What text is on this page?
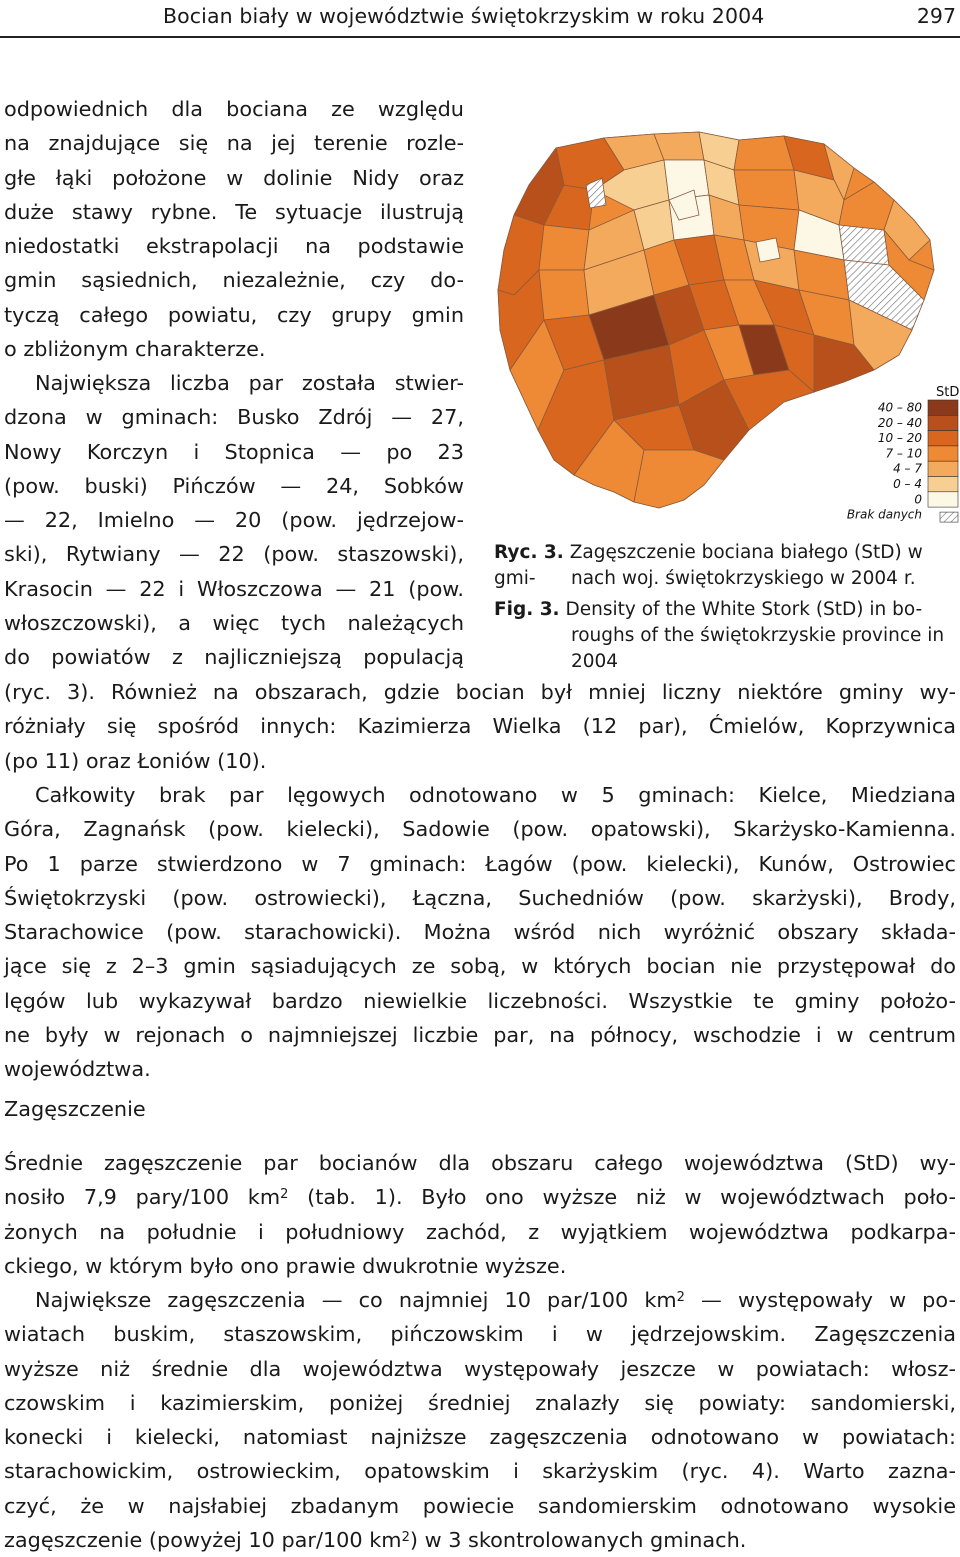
Bocian biały w województwie świętokrzyskim w roku 2004	297
odpowiednich dla bociana ze względu
na znajdujące się na jej terenie rozle-
głe łąki położone w dolinie Nidy oraz
duże stawy rybne. Te sytuacje ilustrują
niedostatki ekstrapolacji na podstawie
gmin sąsiednich, niezależnie, czy do-
tyczą całego powiatu, czy grupy gmin
o zbliżonym charakterze.
Największa liczba par została stwier-
dzona w gminach: Busko Zdrój — 27,
Nowy Korczyn i Stopnica — po 23
(pow. buski) Pińczów — 24, Sobków
— 22, Imielno — 20 (pow. jędrzejow-
ski), Rytwiany — 22 (pow. staszowski),
Krasocin — 22 i Włoszczowa — 21 (pow.
włoszczowski), a więc tych należących
do powiatów z najliczniejszą populacją
StD
40 – 80
20 – 40
10 – 20
7 – 10
4 – 7
0 – 4
0
Brak danych
Ryc. 3. Zagęszczenie bociana białego (StD) w gmi-	nach woj. świętokrzyskiego w 2004 r.
Fig. 3. Density of the White Stork (StD) in bo-
roughs of the świętokrzyskie province in 2004
(ryc. 3). Również na obszarach, gdzie bocian był mniej liczny niektóre gminy wy-
różniały się spośród innych: Kazimierza Wielka (12 par), Ćmielów, Koprzywnica
(po 11) oraz Łoniów (10).
Całkowity brak par lęgowych odnotowano w 5 gminach: Kielce, Miedziana
Góra, Zagnańsk (pow. kielecki), Sadowie (pow. opatowski), Skarżysko-Kamienna.
Po 1 parze stwierdzono w 7 gminach: Łagów (pow. kielecki), Kunów, Ostrowiec
Świętokrzyski (pow. ostrowiecki), Łączna, Suchedniów (pow. skarżyski), Brody,
Starachowice (pow. starachowicki). Można wśród nich wyróżnić obszary składa-
jące się z 2–3 gmin sąsiadujących ze sobą, w których bocian nie przystępował do
lęgów lub wykazywał bardzo niewielkie liczebności. Wszystkie te gminy położo-
ne były w rejonach o najmniejszej liczbie par, na północy, wschodzie i w centrum
województwa.
Zagęszczenie
Średnie zagęszczenie par bocianów dla obszaru całego województwa (StD) wy-
nosiło 7,9 pary/100 $km^2$ (tab. 1). Było ono wyższe niż w województwach poło-
żonych na południe i południowy zachód, z wyjątkiem województwa podkarpa-
ckiego, w którym było ono prawie dwukrotnie wyższe.
Największe zagęszczenia — co najmniej 10 par/100 $km^2$ — występowały w po-
wiatach buskim, staszowskim, pińczowskim i w jędrzejowskim. Zagęszczenia
wyższe niż średnie dla województwa występowały jeszcze w powiatach: włosz-
czowskim i kazimierskim, poniżej średniej znalazły się powiaty: sandomierski,
konecki i kielecki, natomiast najniższe zagęszczenia odnotowano w powiatach:
starachowickim, ostrowieckim, opatowskim i skarżyskim (ryc. 4). Warto zazna-
czyć, że w najsłabiej zbadanym powiecie sandomierskim odnotowano wysokie
zagęszczenie (powyżej 10 par/100 $km^2$) w 3 skontrolowanych gminach.
